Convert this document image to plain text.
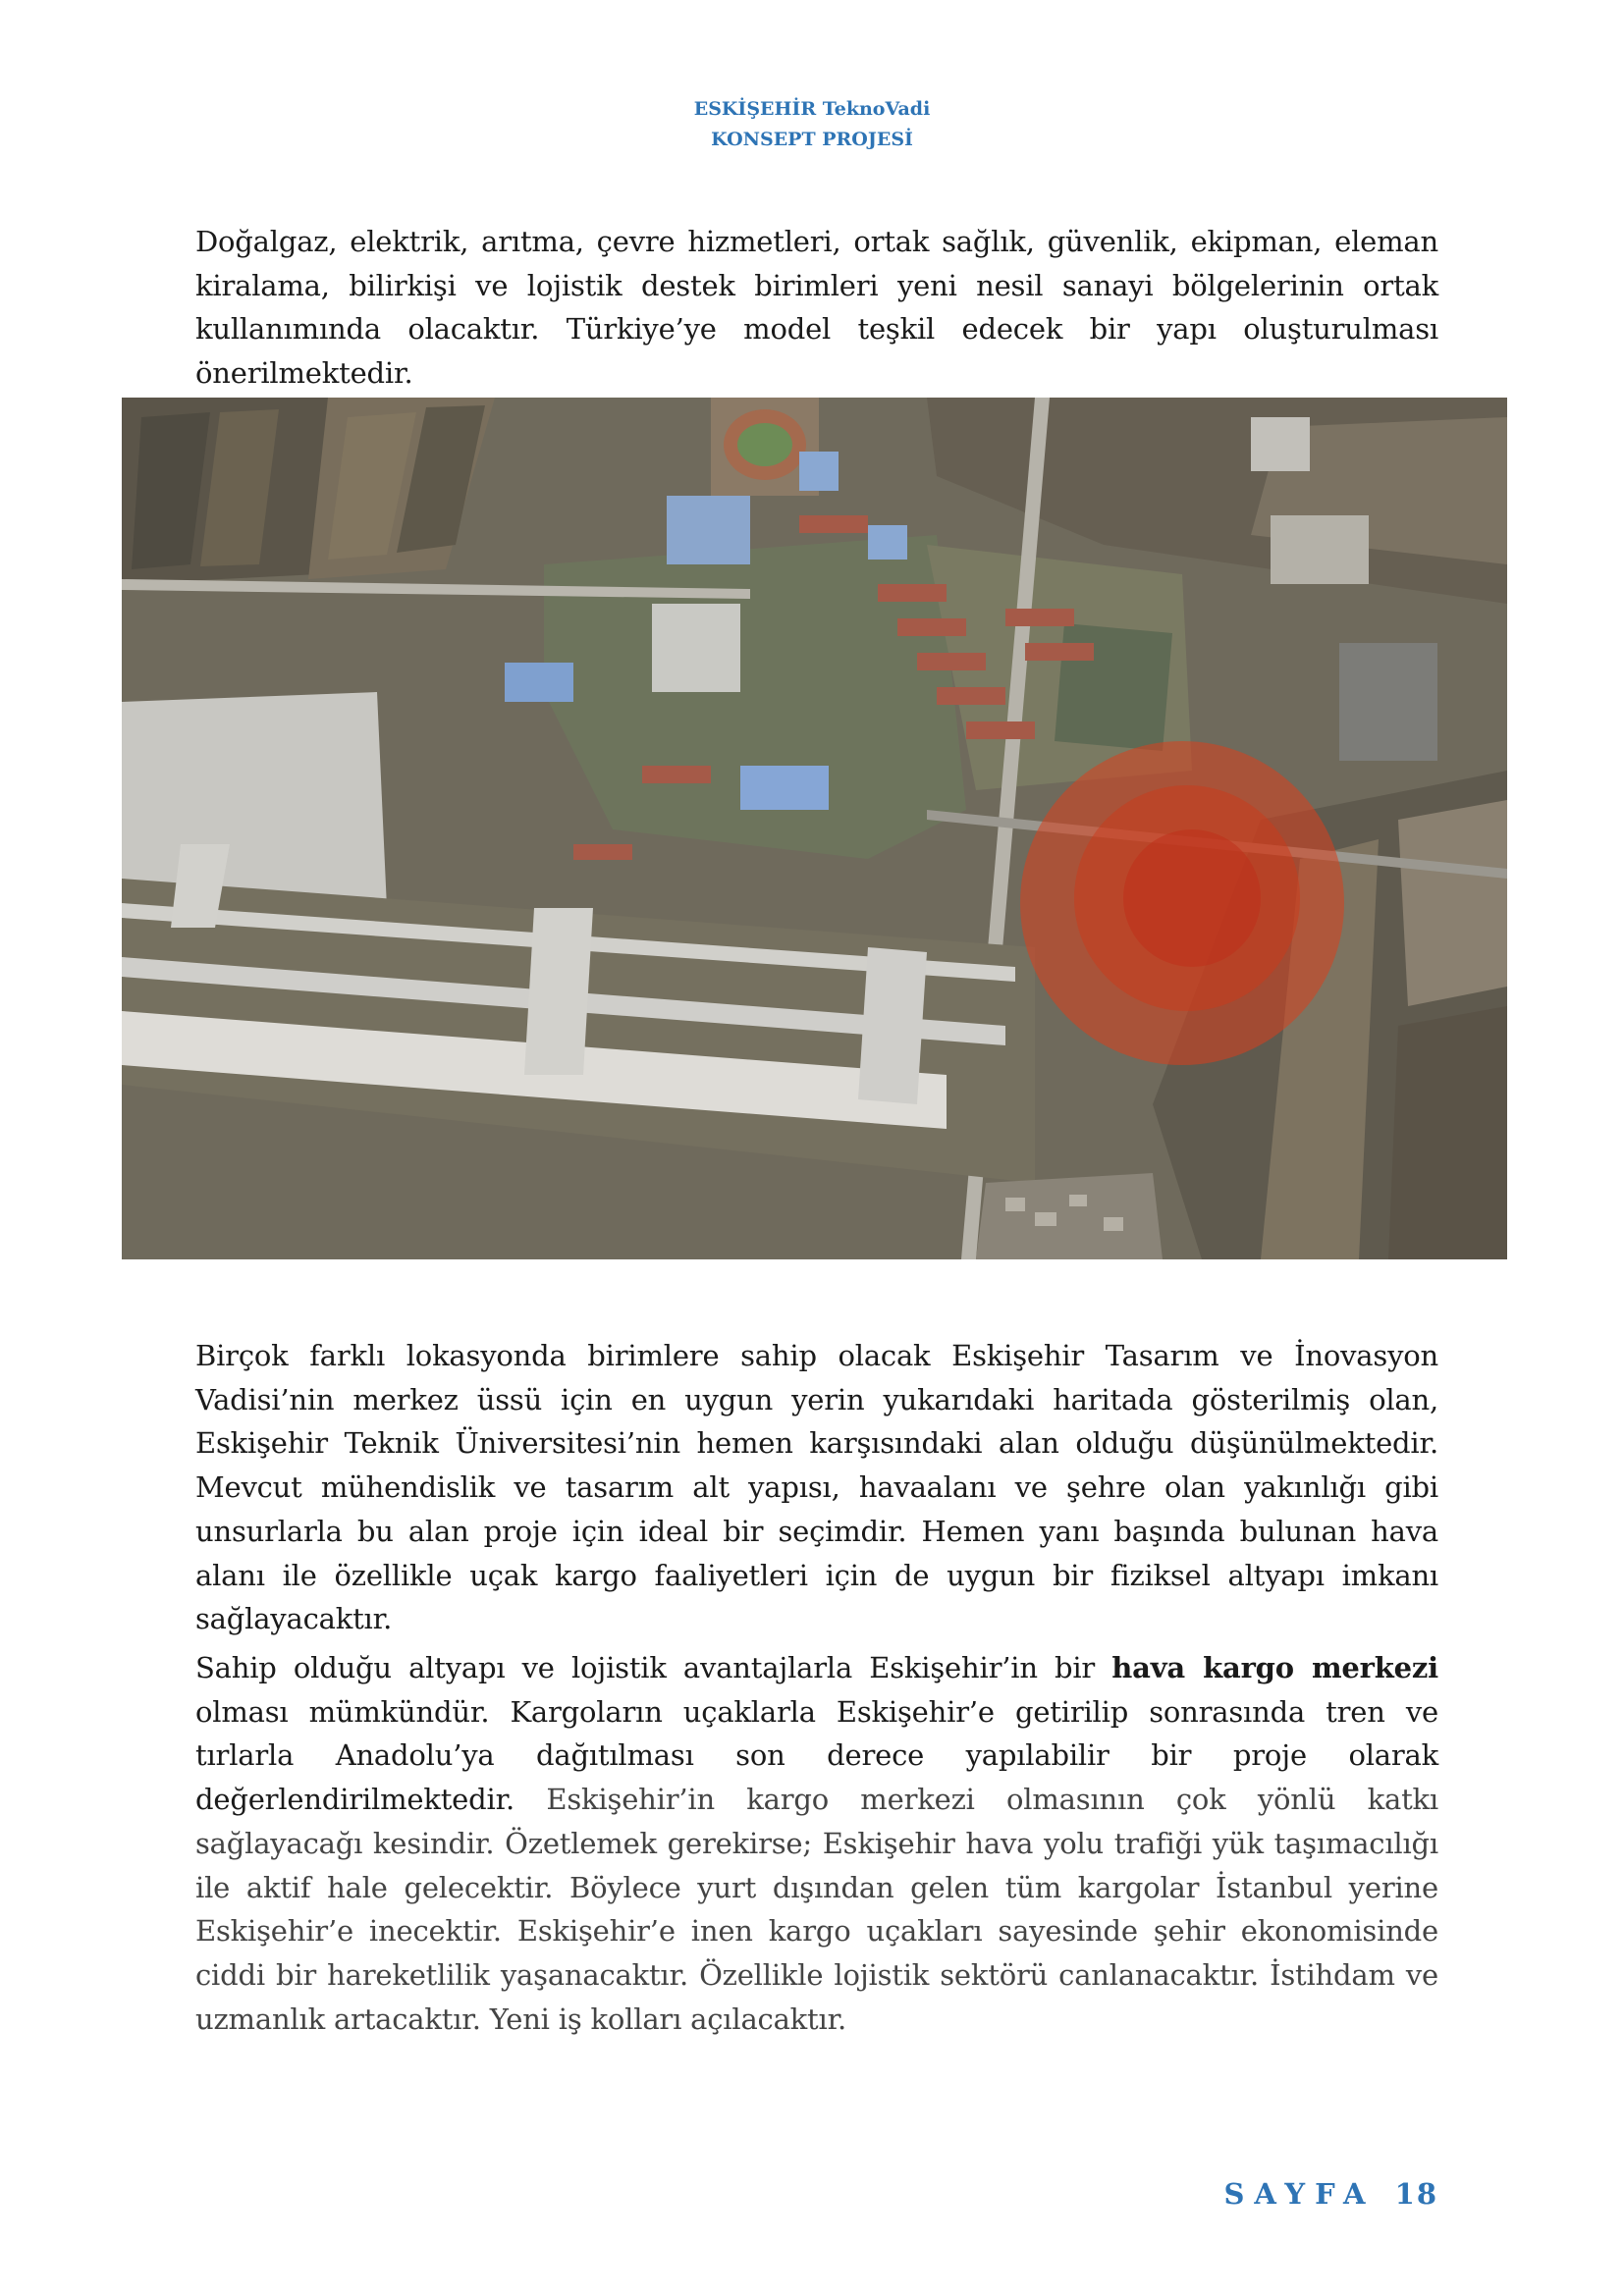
ESKİŞEHİR TeknoVadi
KONSEPT PROJESİ

Doğalgaz, elektrik, arıtma, çevre hizmetleri, ortak sağlık, güvenlik, ekipman, eleman kiralama, bilirkişi ve lojistik destek birimleri yeni nesil sanayi bölgelerinin ortak kullanımında olacaktır. Türkiye’ye model teşkil edecek bir yapı oluşturulması önerilmektedir.

Birçok farklı lokasyonda birimlere sahip olacak Eskişehir Tasarım ve İnovasyon Vadisi’nin merkez üssü için en uygun yerin yukarıdaki haritada gösterilmiş olan, Eskişehir Teknik Üniversitesi’nin hemen karşısındaki alan olduğu düşünülmektedir. Mevcut mühendislik ve tasarım alt yapısı, havaalanı ve şehre olan yakınlığı gibi unsurlarla bu alan proje için ideal bir seçimdir. Hemen yanı başında bulunan hava alanı ile özellikle uçak kargo faaliyetleri için de uygun bir fiziksel altyapı imkanı sağlayacaktır.

Sahip olduğu altyapı ve lojistik avantajlarla Eskişehir’in bir hava kargo merkezi olması mümkündür. Kargoların uçaklarla Eskişehir’e getirilip sonrasında tren ve tırlarla Anadolu’ya dağıtılması son derece yapılabilir bir proje olarak değerlendirilmektedir. Eskişehir’in kargo merkezi olmasının çok yönlü katkı sağlayacağı kesindir. Özetlemek gerekirse; Eskişehir hava yolu trafiği yük taşımacılığı ile aktif hale gelecektir. Böylece yurt dışından gelen tüm kargolar İstanbul yerine Eskişehir’e inecektir. Eskişehir’e inen kargo uçakları sayesinde şehir ekonomisinde ciddi bir hareketlilik yaşanacaktır. Özellikle lojistik sektörü canlanacaktır. İstihdam ve uzmanlık artacaktır. Yeni iş kolları açılacaktır.

SAYFA 18
